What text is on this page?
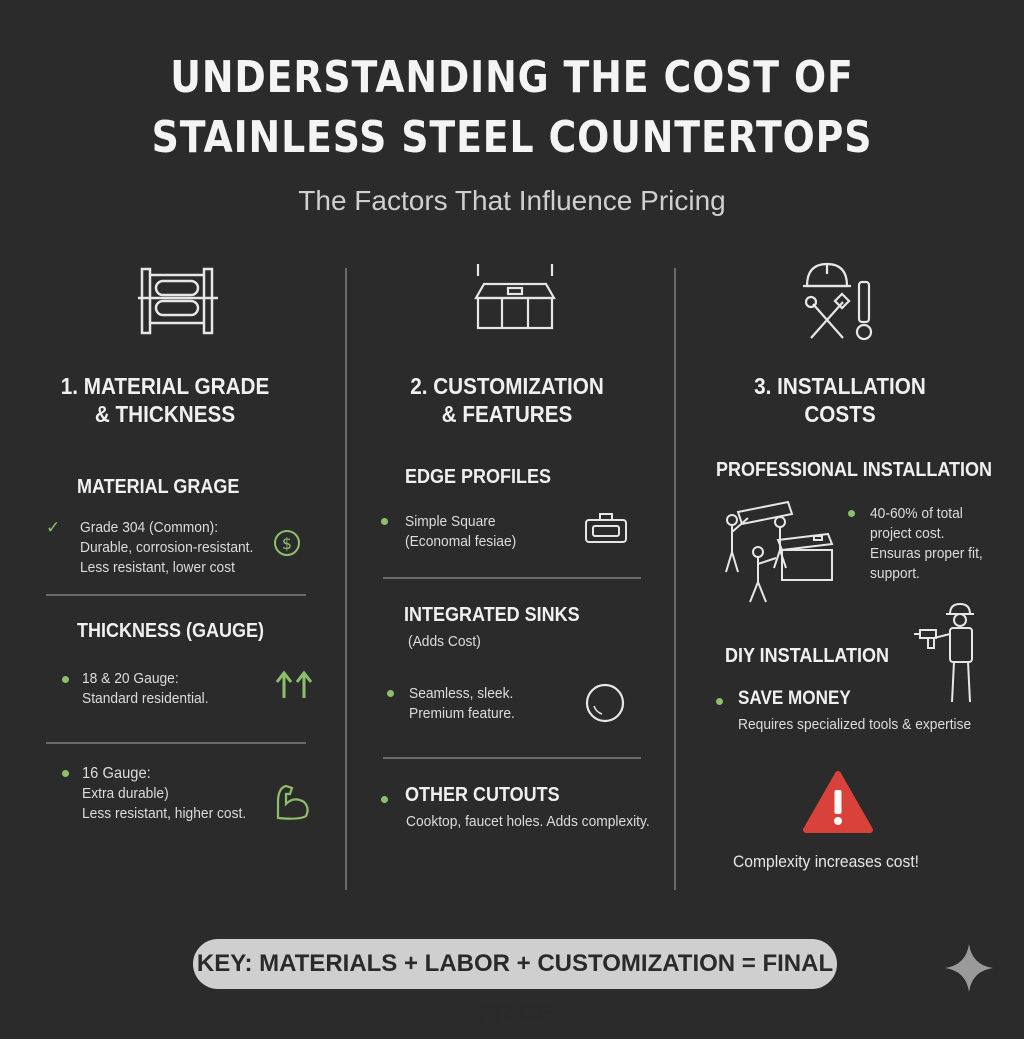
UNDERSTANDING THE COST OF
STAINLESS STEEL COUNTERTOPS
The Factors That Influence Pricing
1. MATERIAL GRADE
& THICKNESS
MATERIAL GRAGE
✓ Grade 304 (Common):
Durable, corrosion-resistant.
Less resistant, lower cost
$
THICKNESS (GAUGE)
18 & 20 Gauge:
Standard residential.
16 Gauge:
Extra durable)
Less resistant, higher cost.
2. CUSTOMIZATION
& FEATURES
EDGE PROFILES
Simple Square
(Economal fesiae)
INTEGRATED SINKS
(Adds Cost)
Seamless, sleek.
Premium feature.
OTHER CUTOUTS
Cooktop, faucet holes. Adds complexity.
3. INSTALLATION
COSTS
PROFESSIONAL INSTALLATION
40-60% of total
project cost.
Ensuras proper fit,
support.
DIY INSTALLATION
SAVE MONEY
Requires specialized tools & expertise
Complexity increases cost!
KEY: MATERIALS + LABOR + CUSTOMIZATION = FINAL PRICE
